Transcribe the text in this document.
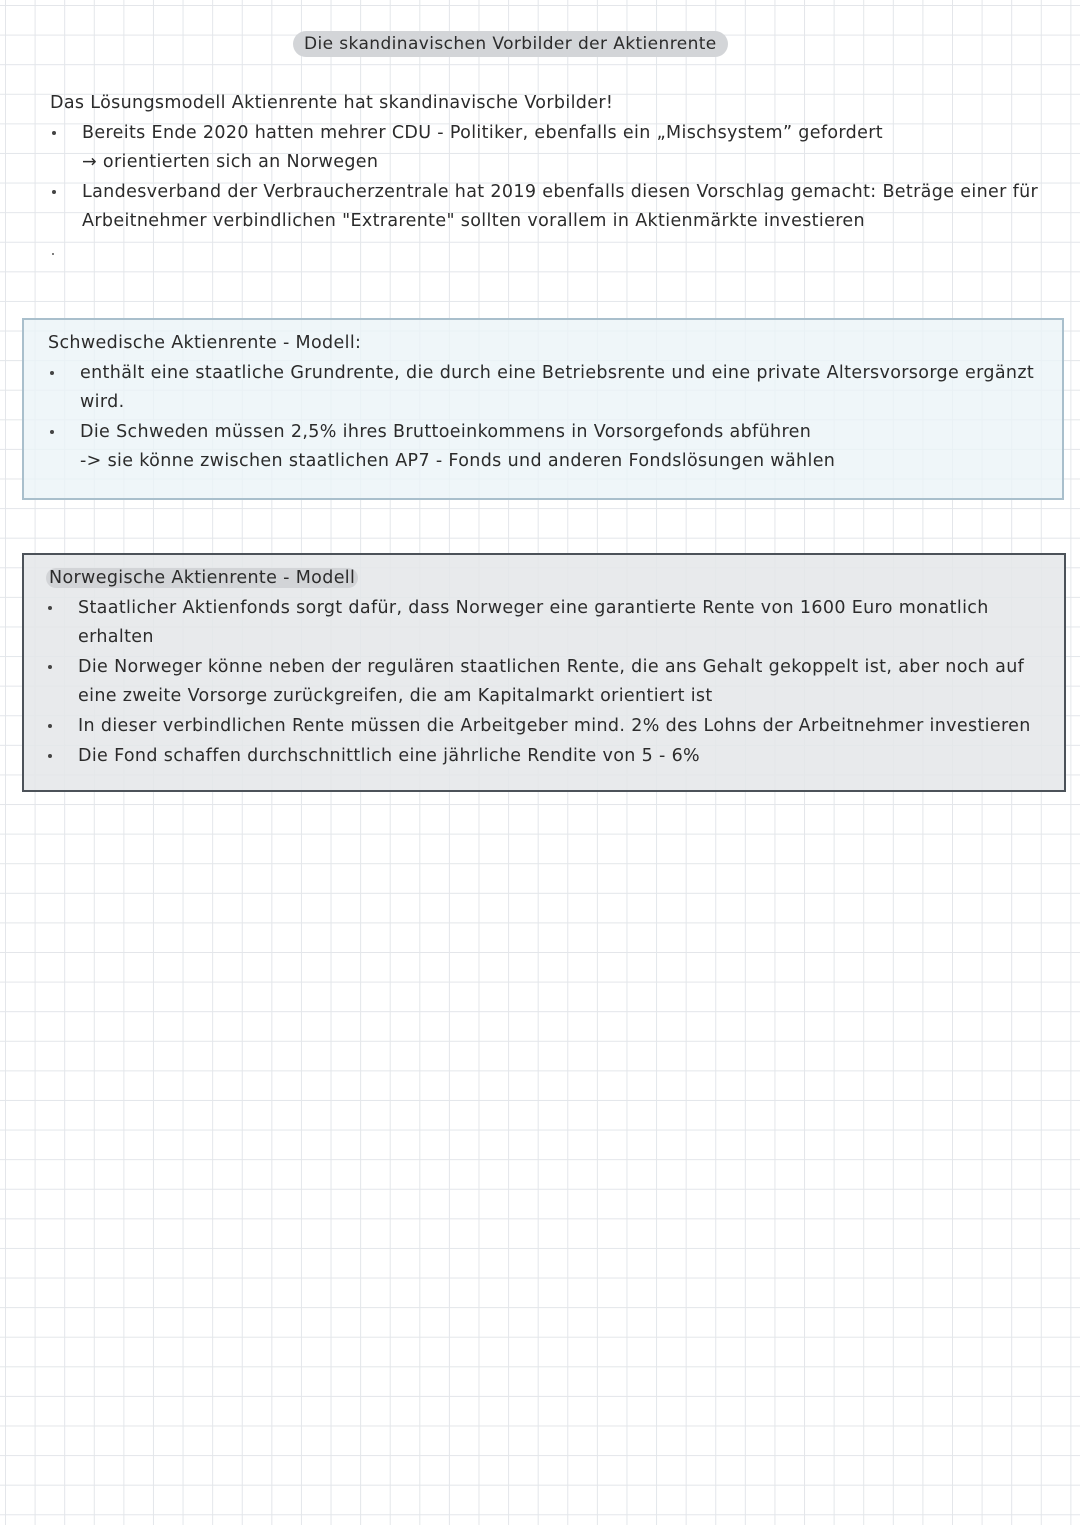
Die skandinavischen Vorbilder der Aktienrente
Das Lösungsmodell Aktienrente hat skandinavische Vorbilder!
Bereits Ende 2020 hatten mehrer CDU - Politiker, ebenfalls ein „Mischsystem” gefordert
→ orientierten sich an Norwegen
Landesverband der Verbraucherzentrale hat 2019 ebenfalls diesen Vorschlag gemacht: Beträge einer für
Arbeitnehmer verbindlichen "Extrarente" sollten vorallem in Aktienmärkte investieren
Schwedische Aktienrente - Modell:
enthält eine staatliche Grundrente, die durch eine Betriebsrente und eine private Altersvorsorge ergänzt
wird.
Die Schweden müssen 2,5% ihres Bruttoeinkommens in Vorsorgefonds abführen
-> sie könne zwischen staatlichen AP7 - Fonds und anderen Fondslösungen wählen
Norwegische Aktienrente - Modell
Staatlicher Aktienfonds sorgt dafür, dass Norweger eine garantierte Rente von 1600 Euro monatlich
erhalten
Die Norweger könne neben der regulären staatlichen Rente, die ans Gehalt gekoppelt ist, aber noch auf
eine zweite Vorsorge zurückgreifen, die am Kapitalmarkt orientiert ist
In dieser verbindlichen Rente müssen die Arbeitgeber mind. 2% des Lohns der Arbeitnehmer investieren
Die Fond schaffen durchschnittlich eine jährliche Rendite von 5 - 6%
